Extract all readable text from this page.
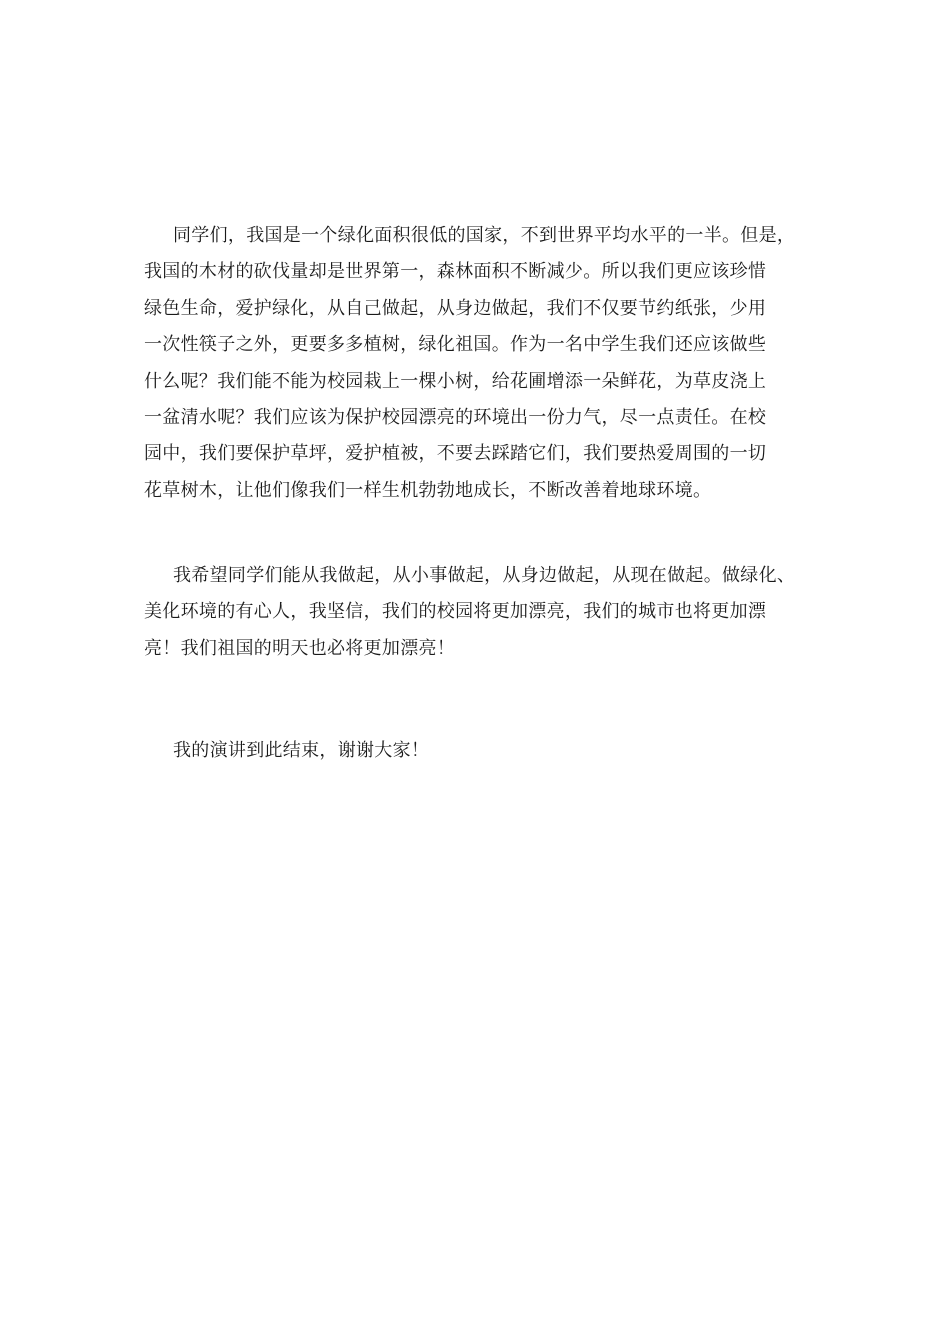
同学们，我国是一个绿化面积很低的国家，不到世界平均水平的一半。但是，
我国的木材的砍伐量却是世界第一，森林面积不断减少。所以我们更应该珍惜
绿色生命，爱护绿化，从自己做起，从身边做起，我们不仅要节约纸张，少用
一次性筷子之外，更要多多植树，绿化祖国。作为一名中学生我们还应该做些
什么呢？我们能不能为校园栽上一棵小树，给花圃增添一朵鲜花，为草皮浇上
一盆清水呢？我们应该为保护校园漂亮的环境出一份力气，尽一点责任。在校
园中，我们要保护草坪，爱护植被，不要去踩踏它们，我们要热爱周围的一切
花草树木，让他们像我们一样生机勃勃地成长，不断改善着地球环境。
我希望同学们能从我做起，从小事做起，从身边做起，从现在做起。做绿化、
美化环境的有心人，我坚信，我们的校园将更加漂亮，我们的城市也将更加漂
亮！我们祖国的明天也必将更加漂亮！
我的演讲到此结束，谢谢大家！
